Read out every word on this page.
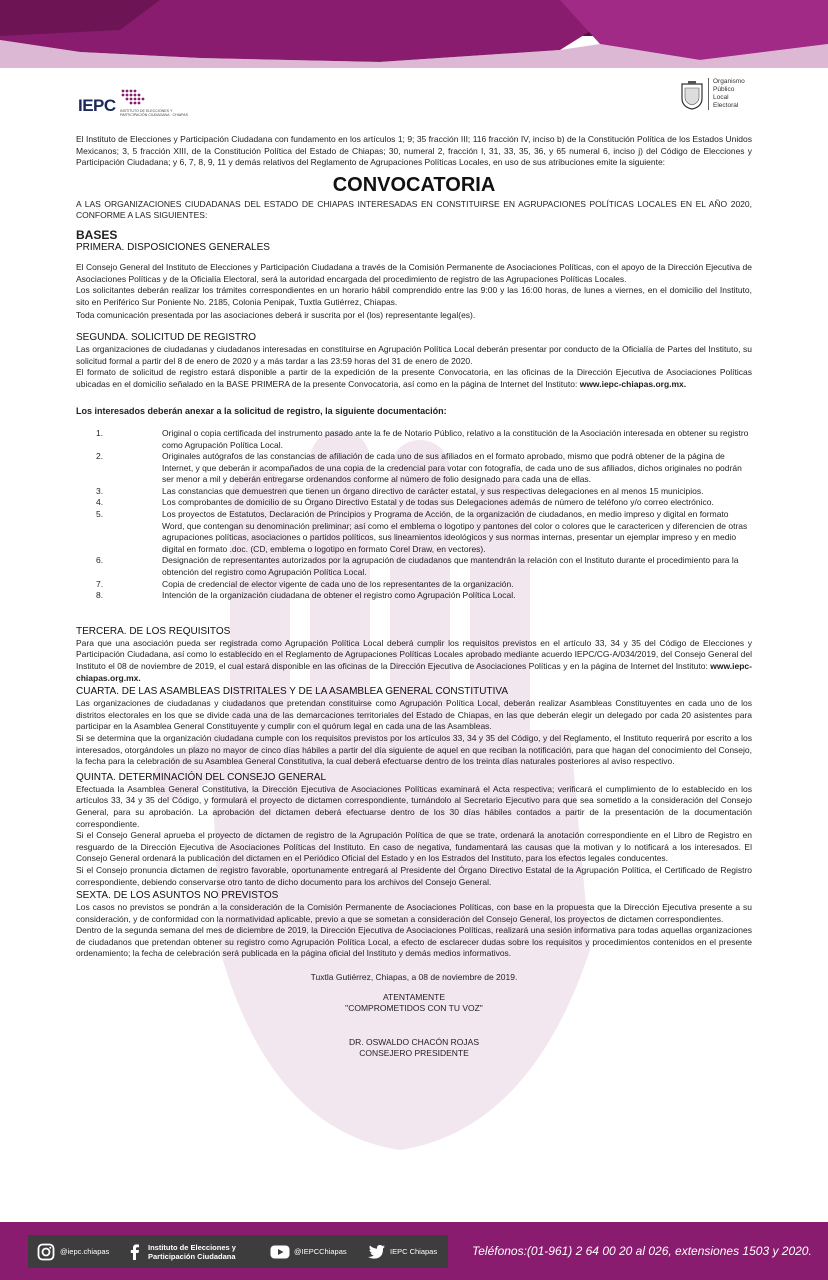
IEPC INSTITUTO DE ELECCIONES Y PARTICIPACIÓN CIUDADANA · CHIAPAS
Organismo
Público
Local
Electoral

El Instituto de Elecciones y Participación Ciudadana con fundamento en los artículos 1; 9; 35 fracción III; 116 fracción IV, inciso b) de la Constitución Política de los Estados Unidos Mexicanos; 3, 5 fracción XIII, de la Constitución Política del Estado de Chiapas; 30, numeral 2, fracción I, 31, 33, 35, 36, y 65 numeral 6, inciso j) del Código de Elecciones y Participación Ciudadana; y 6, 7, 8, 9, 11 y demás relativos del Reglamento de Agrupaciones Políticas Locales, en uso de sus atribuciones emite la siguiente:

CONVOCATORIA

A LAS ORGANIZACIONES CIUDADANAS DEL ESTADO DE CHIAPAS INTERESADAS EN CONSTITUIRSE EN AGRUPACIONES POLÍTICAS LOCALES EN EL AÑO 2020, CONFORME A LAS SIGUIENTES:

BASES
PRIMERA. DISPOSICIONES GENERALES

El Consejo General del Instituto de Elecciones y Participación Ciudadana a través de la Comisión Permanente de Asociaciones Políticas, con el apoyo de la Dirección Ejecutiva de Asociaciones Políticas y de la Oficialía Electoral, será la autoridad encargada del procedimiento de registro de las Agrupaciones Políticas Locales.

Los solicitantes deberán realizar los trámites correspondientes en un horario hábil comprendido entre las 9:00 y las 16:00 horas, de lunes a viernes, en el domicilio del Instituto, sito en Periférico Sur Poniente No. 2185, Colonia Penipak, Tuxtla Gutiérrez, Chiapas.

Toda comunicación presentada por las asociaciones deberá ir suscrita por el (los) representante legal(es).

SEGUNDA. SOLICITUD DE REGISTRO

Las organizaciones de ciudadanas y ciudadanos interesadas en constituirse en Agrupación Política Local deberán presentar por conducto de la Oficialía de Partes del Instituto, su solicitud formal a partir del 8 de enero de 2020 y a más tardar a las 23:59 horas del 31 de enero de 2020.

El formato de solicitud de registro estará disponible a partir de la expedición de la presente Convocatoria, en las oficinas de la Dirección Ejecutiva de Asociaciones Políticas ubicadas en el domicilio señalado en la BASE PRIMERA de la presente Convocatoria, así como en la página de Internet del Instituto: www.iepc-chiapas.org.mx.

Los interesados deberán anexar a la solicitud de registro, la siguiente documentación:
1.	Original o copia certificada del instrumento pasado ante la fe de Notario Público, relativo a la constitución de la Asociación interesada en obtener su registro como Agrupación Política Local.
2.	Originales autógrafos de las constancias de afiliación de cada uno de sus afiliados en el formato aprobado, mismo que podrá obtener de la página de Internet, y que deberán ir acompañados de una copia de la credencial para votar con fotografía, de cada uno de sus afiliados, dichos originales no podrán ser menor a mil y deberán entregarse ordenandos conforme al número de folio designado para cada una de ellas.
3.	Las constancias que demuestren que tienen un órgano directivo de carácter estatal, y sus respectivas delegaciones en al menos 15 municipios.
4.	Los comprobantes de domicilio de su Órgano Directivo Estatal y de todas sus Delegaciones además de número de teléfono y/o correo electrónico.
5.	Los proyectos de Estatutos, Declaración de Principios y Programa de Acción, de la organización de ciudadanos, en medio impreso y digital en formato Word, que contengan su denominación preliminar; así como el emblema o logotipo y pantones del color o colores que le caractericen y diferencien de otras agrupaciones políticas, asociaciones o partidos políticos, sus lineamientos ideológicos y sus normas internas, presentar un ejemplar impreso y en medio digital en formato .doc. (CD, emblema o logotipo en formato Corel Draw, en vectores).
6.	Designación de representantes autorizados por la agrupación de ciudadanos que mantendrán la relación con el Instituto durante el procedimiento para la obtención del registro como Agrupación Política Local.
7.	Copia de credencial de elector vigente de cada uno de los representantes de la organización.
8.	Intención de la organización ciudadana de obtener el registro como Agrupación Política Local.
TERCERA. DE LOS REQUISITOS

Para que una asociación pueda ser registrada como Agrupación Política Local deberá cumplir los requisitos previstos en el artículo 33, 34 y 35 del Código de Elecciones y Participación Ciudadana, así como lo establecido en el Reglamento de Agrupaciones Políticas Locales aprobado mediante acuerdo IEPC/CG-A/034/2019, del Consejo General del Instituto el 08 de noviembre de 2019, el cual estará disponible en las oficinas de la Dirección Ejecutiva de Asociaciones Políticas y en la página de Internet del Instituto: www.iepc-chiapas.org.mx.

CUARTA. DE LAS ASAMBLEAS DISTRITALES Y DE LA ASAMBLEA GENERAL CONSTITUTIVA

Las organizaciones de ciudadanas y ciudadanos que pretendan constituirse como Agrupación Política Local, deberán realizar Asambleas Constituyentes en cada uno de los distritos electorales en los que se divide cada una de las demarcaciones territoriales del Estado de Chiapas, en las que deberán elegir un delegado por cada 20 asistentes para participar en la Asamblea General Constituyente y cumplir con el quórum legal en cada una de las Asambleas.

Si se determina que la organización ciudadana cumple con los requisitos previstos por los artículos 33, 34 y 35 del Código, y del Reglamento, el Instituto requerirá por escrito a los interesados, otorgándoles un plazo no mayor de cinco días hábiles a partir del día siguiente de aquel en que reciban la notificación, para que hagan del conocimiento del Consejo, la fecha para la celebración de su Asamblea General Constitutiva, la cual deberá efectuarse dentro de los treinta días naturales posteriores al aviso respectivo.

QUINTA. DETERMINACIÓN DEL CONSEJO GENERAL

Efectuada la Asamblea General Constitutiva, la Dirección Ejecutiva de Asociaciones Políticas examinará el Acta respectiva; verificará el cumplimiento de lo establecido en los artículos 33, 34 y 35 del Código, y formulará el proyecto de dictamen correspondiente, turnándolo al Secretario Ejecutivo para que sea sometido a la consideración del Consejo General, para su aprobación. La aprobación del dictamen deberá efectuarse dentro de los 30 días hábiles contados a partir de la presentación de la documentación correspondiente.

Si el Consejo General aprueba el proyecto de dictamen de registro de la Agrupación Política de que se trate, ordenará la anotación correspondiente en el Libro de Registro en resguardo de la Dirección Ejecutiva de Asociaciones Políticas del Instituto. En caso de negativa, fundamentará las causas que la motivan y lo notificará a los interesados. El Consejo General ordenará la publicación del dictamen en el Periódico Oficial del Estado y en los Estrados del Instituto, para los efectos legales conducentes.

Si el Consejo pronuncia dictamen de registro favorable, oportunamente entregará al Presidente del Órgano Directivo Estatal de la Agrupación Política, el Certificado de Registro correspondiente, debiendo conservarse otro tanto de dicho documento para los archivos del Consejo General.

SEXTA. DE LOS ASUNTOS NO PREVISTOS

Los casos no previstos se pondrán a la consideración de la Comisión Permanente de Asociaciones Políticas, con base en la propuesta que la Dirección Ejecutiva presente a su consideración, y de conformidad con la normatividad aplicable, previo a que se sometan a consideración del Consejo General, los proyectos de dictamen correspondientes.

Dentro de la segunda semana del mes de diciembre de 2019, la Dirección Ejecutiva de Asociaciones Políticas, realizará una sesión informativa para todas aquellas organizaciones de ciudadanos que pretendan obtener su registro como Agrupación Política Local, a efecto de esclarecer dudas sobre los requisitos y procedimientos contenidos en el presente ordenamiento; la fecha de celebración será publicada en la página oficial del Instituto y demás medios informativos.

Tuxtla Gutiérrez, Chiapas, a 08 de noviembre de 2019.
ATENTAMENTE
"COMPROMETIDOS CON TU VOZ"
DR. OSWALDO CHACÓN ROJAS
CONSEJERO PRESIDENTE
@iepc.chiapas	Instituto de Elecciones y Participación Ciudadana	@IEPCChiapas	IEPC Chiapas	Teléfonos:(01-961) 2 64 00 20 al 026, extensiones 1503 y 2020.
